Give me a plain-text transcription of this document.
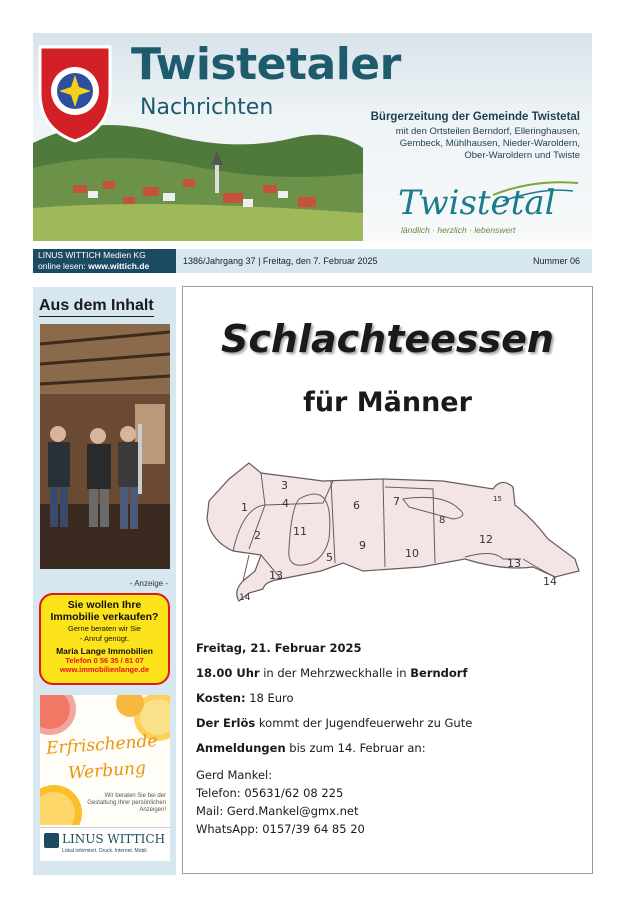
Twistetaler
Nachrichten	Bürgerzeitung der Gemeinde Twistetal
mit den Ortsteilen Berndorf, Elleringhausen,
Gembeck, Mühlhausen, Nieder-Waroldern,
Ober-Waroldern und Twiste
Twistetal
ländlich · herzlich · lebenswert
LINUS WITTICH Medien KG
online lesen: www.wittich.de	1386/Jahrgang 37 | Freitag, den 7. Februar 2025	Nummer 06
Aus dem Inhalt
- Anzeige -
Sie wollen Ihre
Immobilie verkaufen?
Gerne beraten wir Sie
- Anruf genügt.
Maria Lange Immobilien
Telefon 0 56 35 / 81 07
www.immobilienlange.de
Erfrischende
Werbung
Wir beraten Sie bei der Gestaltung Ihrer persönlichen Anzeigen!
LINUS WITTICH
Lokal informiert. Druck. Internet. Mobil.
Schlachteessen
für Männer
1
2
3
4
5
6	7
8
9
10
11
12
13
14
15
13
14

Freitag, 21. Februar 2025

18.00 Uhr in der Mehrzweckhalle in Berndorf

Kosten: 18 Euro

Der Erlös kommt der Jugendfeuerwehr zu Gute

Anmeldungen bis zum 14. Februar an:

Gerd Mankel:
Telefon: 05631/62 08 225
Mail: Gerd.Mankel@gmx.net
WhatsApp: 0157/39 64 85 20
